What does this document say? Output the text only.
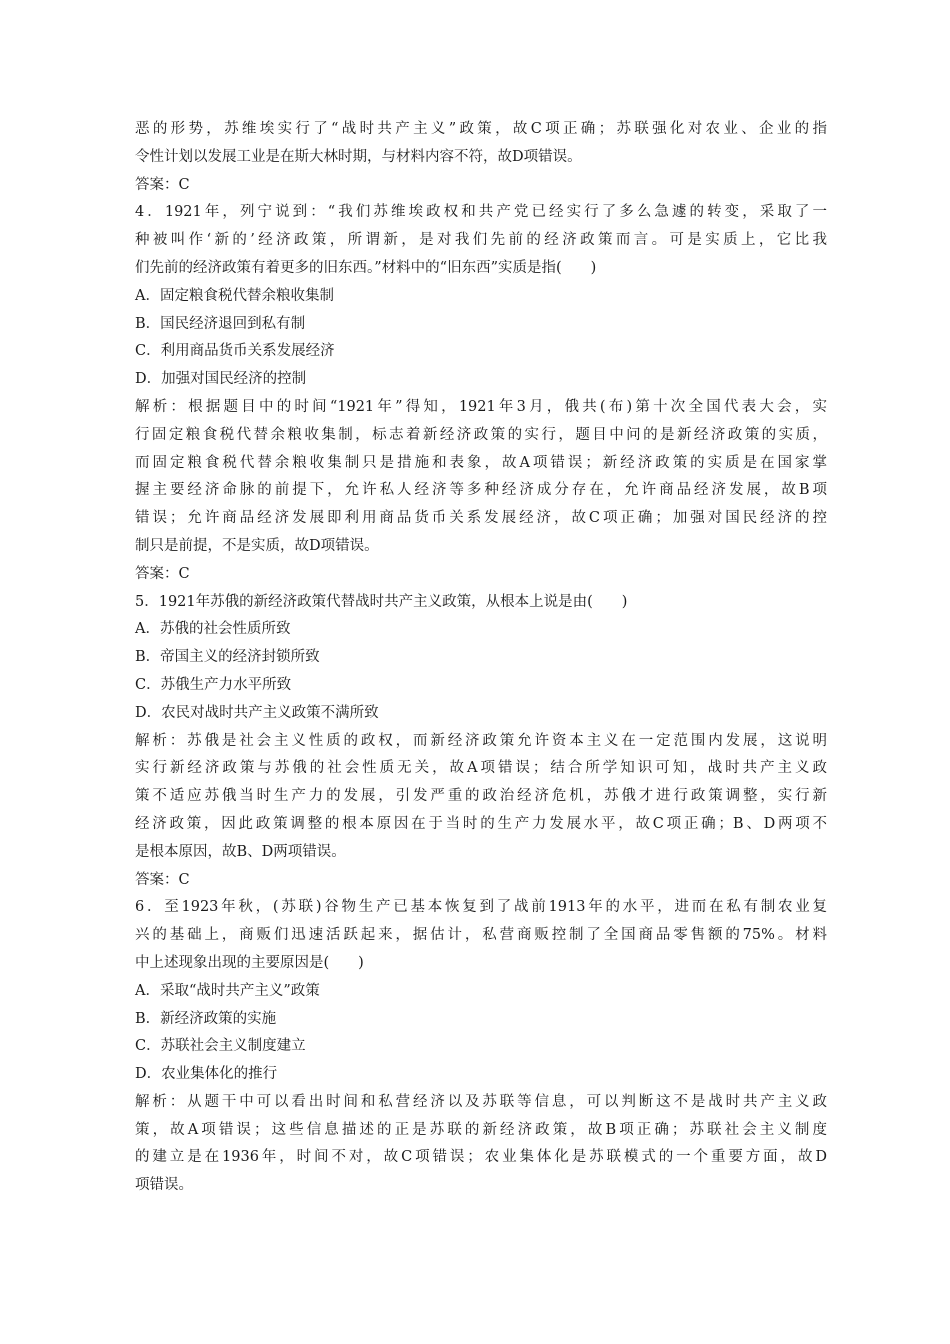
恶的形势，苏维埃实行了“战时共产主义”政策，故C项正确；苏联强化对农业、企业的指
令性计划以发展工业是在斯大林时期，与材料内容不符，故D项错误。
答案：C
4．1921年，列宁说到：“我们苏维埃政权和共产党已经实行了多么急遽的转变，采取了一
种被叫作‘新的’经济政策，所谓新，是对我们先前的经济政策而言。可是实质上，它比我
们先前的经济政策有着更多的旧东西。”材料中的“旧东西”实质是指(　　)
A．固定粮食税代替余粮收集制
B．国民经济退回到私有制
C．利用商品货币关系发展经济
D．加强对国民经济的控制
解析：根据题目中的时间“1921年”得知，1921年3月，俄共(布)第十次全国代表大会，实
行固定粮食税代替余粮收集制，标志着新经济政策的实行，题目中问的是新经济政策的实质，
而固定粮食税代替余粮收集制只是措施和表象，故A项错误；新经济政策的实质是在国家掌
握主要经济命脉的前提下，允许私人经济等多种经济成分存在，允许商品经济发展，故B项
错误；允许商品经济发展即利用商品货币关系发展经济，故C项正确；加强对国民经济的控
制只是前提，不是实质，故D项错误。
答案：C
5．1921年苏俄的新经济政策代替战时共产主义政策，从根本上说是由(　　)
A．苏俄的社会性质所致
B．帝国主义的经济封锁所致
C．苏俄生产力水平所致
D．农民对战时共产主义政策不满所致
解析：苏俄是社会主义性质的政权，而新经济政策允许资本主义在一定范围内发展，这说明
实行新经济政策与苏俄的社会性质无关，故A项错误；结合所学知识可知，战时共产主义政
策不适应苏俄当时生产力的发展，引发严重的政治经济危机，苏俄才进行政策调整，实行新
经济政策，因此政策调整的根本原因在于当时的生产力发展水平，故C项正确；B、D两项不
是根本原因，故B、D两项错误。
答案：C
6．至1923年秋，(苏联)谷物生产已基本恢复到了战前1913年的水平，进而在私有制农业复
兴的基础上，商贩们迅速活跃起来，据估计，私营商贩控制了全国商品零售额的75%。材料
中上述现象出现的主要原因是(　　)
A．采取“战时共产主义”政策
B．新经济政策的实施
C．苏联社会主义制度建立
D．农业集体化的推行
解析：从题干中可以看出时间和私营经济以及苏联等信息，可以判断这不是战时共产主义政
策，故A项错误；这些信息描述的正是苏联的新经济政策，故B项正确；苏联社会主义制度
的建立是在1936年，时间不对，故C项错误；农业集体化是苏联模式的一个重要方面，故D
项错误。
